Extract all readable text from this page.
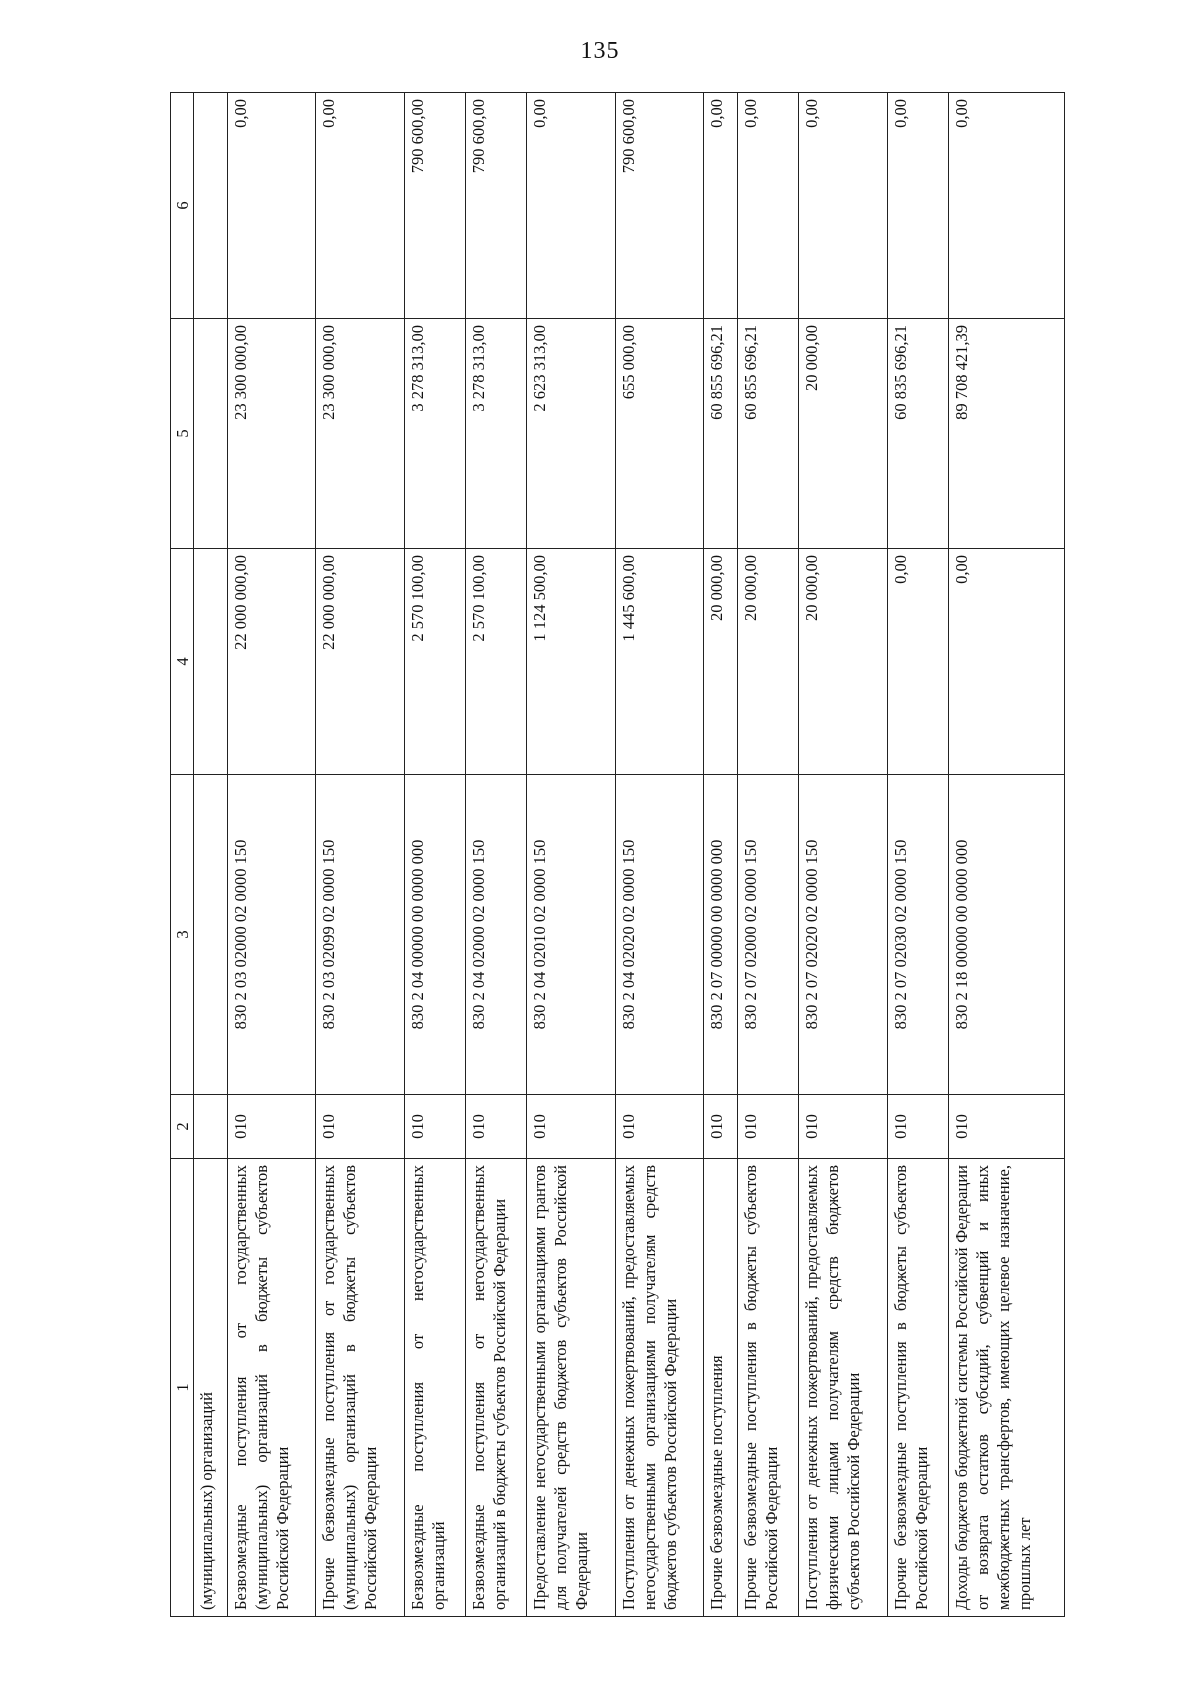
135
1	2	3	4	5	6
(муниципальных) организаций					
Безвозмездные поступления от государственных (муниципальных) организаций в бюджеты субъектов Российской Федерации	010	830 2 03 02000 02 0000 150	22 000 000,00	23 300 000,00	0,00
Прочие безвозмездные поступления от государственных (муниципальных) организаций в бюджеты субъектов Российской Федерации	010	830 2 03 02099 02 0000 150	22 000 000,00	23 300 000,00	0,00
Безвозмездные поступления от негосударственных организаций	010	830 2 04 00000 00 0000 000	2 570 100,00	3 278 313,00	790 600,00
Безвозмездные поступления от негосударственных организаций в бюджеты субъектов Российской Федерации	010	830 2 04 02000 02 0000 150	2 570 100,00	3 278 313,00	790 600,00
Предоставление негосударственными организациями грантов для получателей средств бюджетов субъектов Российской Федерации	010	830 2 04 02010 02 0000 150	1 124 500,00	2 623 313,00	0,00
Поступления от денежных пожертвований, предоставляемых негосударственными организациями получателям средств бюджетов субъектов Российской Федерации	010	830 2 04 02020 02 0000 150	1 445 600,00	655 000,00	790 600,00
Прочие безвозмездные поступления	010	830 2 07 00000 00 0000 000	20 000,00	60 855 696,21	0,00
Прочие безвозмездные поступления в бюджеты субъектов Российской Федерации	010	830 2 07 02000 02 0000 150	20 000,00	60 855 696,21	0,00
Поступления от денежных пожертвований, предоставляемых физическими лицами получателям средств бюджетов субъектов Российской Федерации	010	830 2 07 02020 02 0000 150	20 000,00	20 000,00	0,00
Прочие безвозмездные поступления в бюджеты субъектов Российской Федерации	010	830 2 07 02030 02 0000 150	0,00	60 835 696,21	0,00
Доходы бюджетов бюджетной системы Российской Федерации от возврата остатков субсидий, субвенций и иных межбюджетных трансфертов, имеющих целевое назначение, прошлых лет	010	830 2 18 00000 00 0000 000	0,00	89 708 421,39	0,00
